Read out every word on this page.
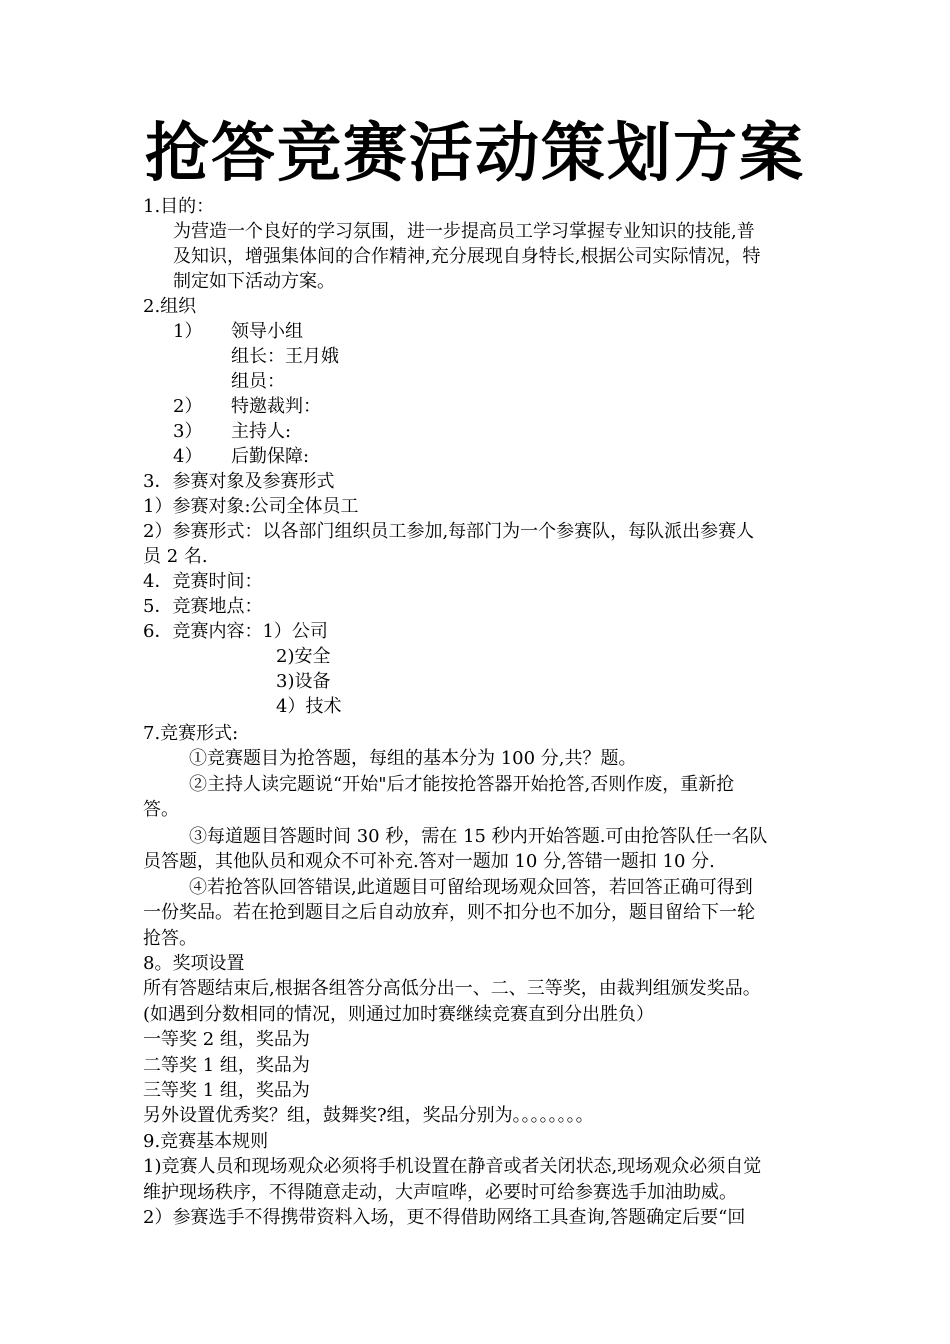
抢答竞赛活动策划方案
1.目的：
为营造一个良好的学习氛围，进一步提高员工学习掌握专业知识的技能,普
及知识，增强集体间的合作精神,充分展现自身特长,根据公司实际情况，特
制定如下活动方案。
2.组织
1） 领导小组
组长：王月娥
组员：
2） 特邀裁判：
3） 主持人:
4） 后勤保障:
3．参赛对象及参赛形式
1）参赛对象:公司全体员工
2）参赛形式：以各部门组织员工参加,每部门为一个参赛队，每队派出参赛人
员 2 名.
4．竞赛时间：
5．竞赛地点：
6．竞赛内容：1）公司
2)安全
3)设备
4）技术
7.竞赛形式:
①竞赛题目为抢答题，每组的基本分为 100 分,共？题。
②主持人读完题说“开始"后才能按抢答器开始抢答,否则作废，重新抢
答。
③每道题目答题时间 30 秒，需在 15 秒内开始答题.可由抢答队任一名队
员答题，其他队员和观众不可补充.答对一题加 10 分,答错一题扣 10 分.
④若抢答队回答错误,此道题目可留给现场观众回答，若回答正确可得到
一份奖品。若在抢到题目之后自动放弃，则不扣分也不加分，题目留给下一轮
抢答。
8。奖项设置
所有答题结束后,根据各组答分高低分出一、二、三等奖，由裁判组颁发奖品。
(如遇到分数相同的情况，则通过加时赛继续竞赛直到分出胜负）
一等奖 2 组，奖品为
二等奖 1 组，奖品为
三等奖 1 组，奖品为
另外设置优秀奖？组，鼓舞奖?组，奖品分别为。。。。。。。。
9.竞赛基本规则
1)竞赛人员和现场观众必须将手机设置在静音或者关闭状态,现场观众必须自觉
维护现场秩序，不得随意走动，大声喧哗，必要时可给参赛选手加油助威。
2）参赛选手不得携带资料入场，更不得借助网络工具查询,答题确定后要“回
